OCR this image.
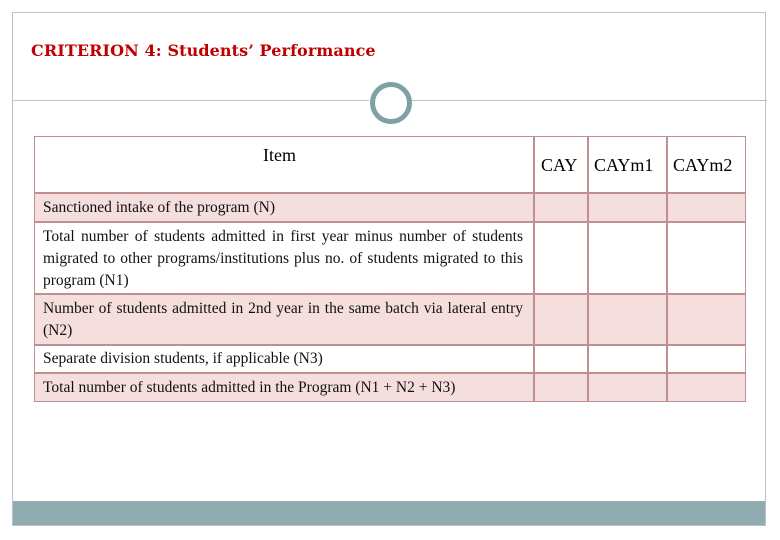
CRITERION 4: Students’ Performance
Item	CAY CAYm1 CAYm2
Sanctioned intake of the program (N)
Total number of students admitted in first year minus number of students migrated to other programs/institutions plus no. of students migrated to this program (N1)
Number of students admitted in 2nd year in the same batch via lateral entry (N2)
Separate division students, if applicable (N3)
Total number of students admitted in the Program (N1 + N2 + N3)
